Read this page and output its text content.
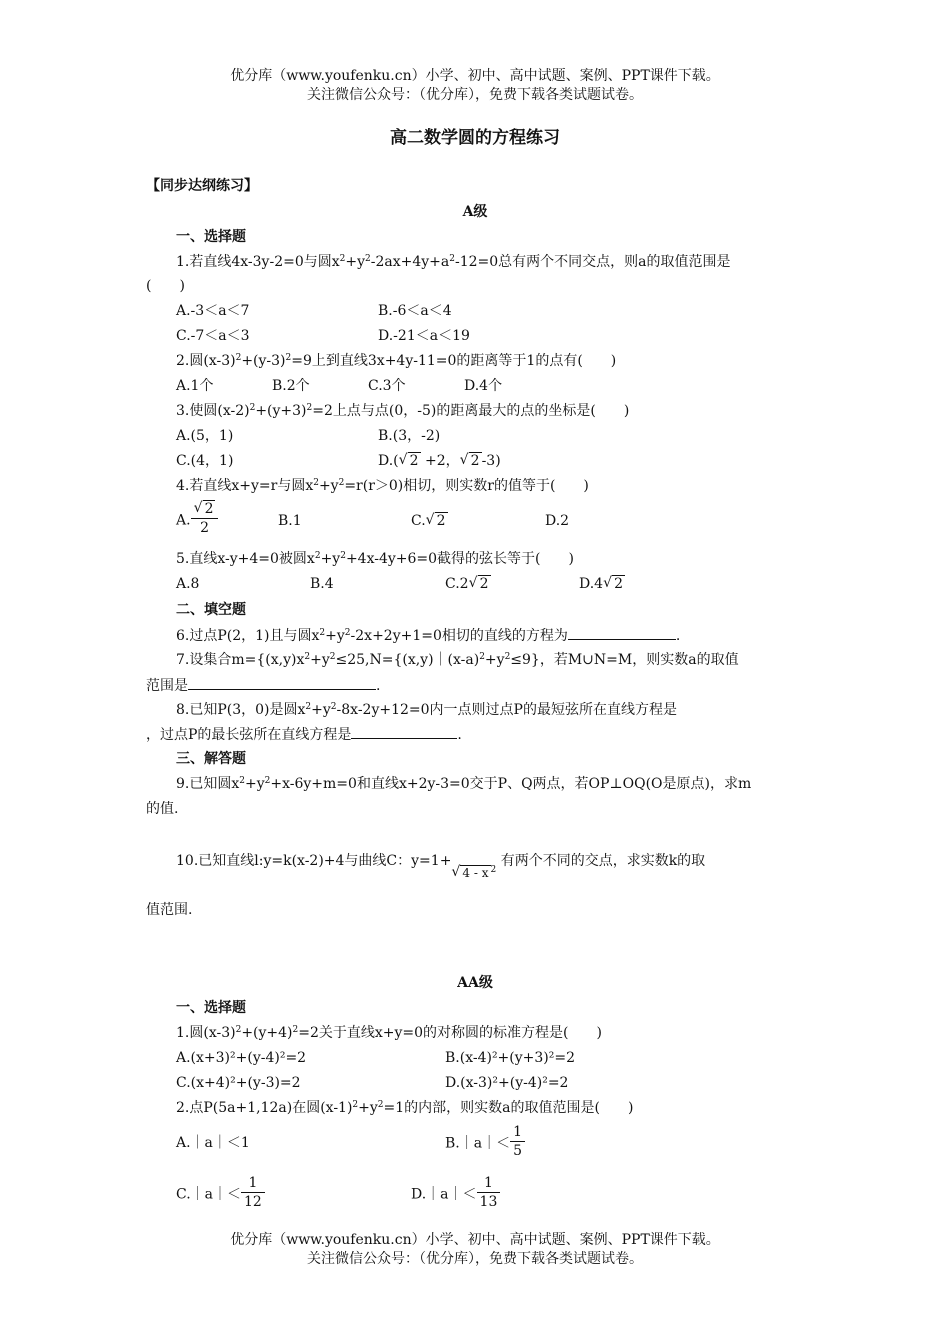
优分库（www.youfenku.cn）小学、初中、高中试题、案例、PPT课件下载。
关注微信公众号：（优分库），免费下载各类试题试卷。
高二数学圆的方程练习
【同步达纲练习】
A级
一、选择题
1.若直线4x-3y-2=0与圆$x^2+y^2-2ax+4y+a^2-12=0$总有两个不同交点，则a的取值范围是
(　　)
A.-3＜a＜7	B.-6＜a＜4
C.-7＜a＜3	D.-21＜a＜19
2.圆$(x-3)^2+(y-3)^2=9$上到直线3x+4y-11=0的距离等于1的点有(　　)
A.1个	B.2个	C.3个	D.4个
3.使圆$(x-2)^2+(y+3)^2=2$上点与点(0，-5)的距离最大的点的坐标是(　　)
A.(5，1)	B.(3，-2)
C.(4，1)	D.( √ 2 +2， √ 2 -3)
4.若直线x+y=r与圆$x^2+y^2=r(r>0)$相切，则实数r的值等于(　　)
A. √ $\frac{2}{2}$	B.1	C. √ 2	D.2
5.直线x-y+4=0被圆$x^2+y^2+4x-4y+6=0$截得的弦长等于(　　)
A.8	B.4	C.2 √ 2	D.4 √ 2
二、填空题
6.过点P(2，1)且与圆$x^2+y^2-2x+2y+1=0$相切的直线的方程为	.
7.设集合$m=\{(x,y)x^2+y^2\le 25,N=\{(x,y)|(x-a)^2+y^2\le 9\}$，若M∪N=M，则实数a的取值
范围是	.
8.已知P(3，0)是圆$x^2+y^2-8x-2y+12=0$内一点则过点P的最短弦所在直线方程是
，过点P的最长弦所在直线方程是	.
三、解答题
9.已知圆$x^2+y^2+x-6y+m=0$和直线x+2y-3=0交于P、Q两点，若OP⊥OQ(O是原点)，求m
的值.
10.已知直线l:y=k(x-2)+4与曲线C：y=1+√ 4 - x $^2$ 有两个不同的交点，求实数k的取
值范围.
AA级
一、选择题
1.圆$(x-3)^2+(y+4)^2=2$关于直线x+y=0的对称圆的标准方程是(　　)
A.(x+3)²+(y-4)²=2	B.(x-4)²+(y+3)²=2
C.(x+4)²+(y-3)=2	D.(x-3)²+(y-4)²=2
2.点P(5a+1,12a)在圆$(x-1)^2+y^2=1$的内部，则实数a的取值范围是(　　)
A.｜a｜＜1	B.｜a｜＜ $\frac{1}{5}$
C.｜a｜＜ $\frac{1}{12}$	D.｜a｜＜ $\frac{1}{13}$
优分库（www.youfenku.cn）小学、初中、高中试题、案例、PPT课件下载。
关注微信公众号：（优分库），免费下载各类试题试卷。
